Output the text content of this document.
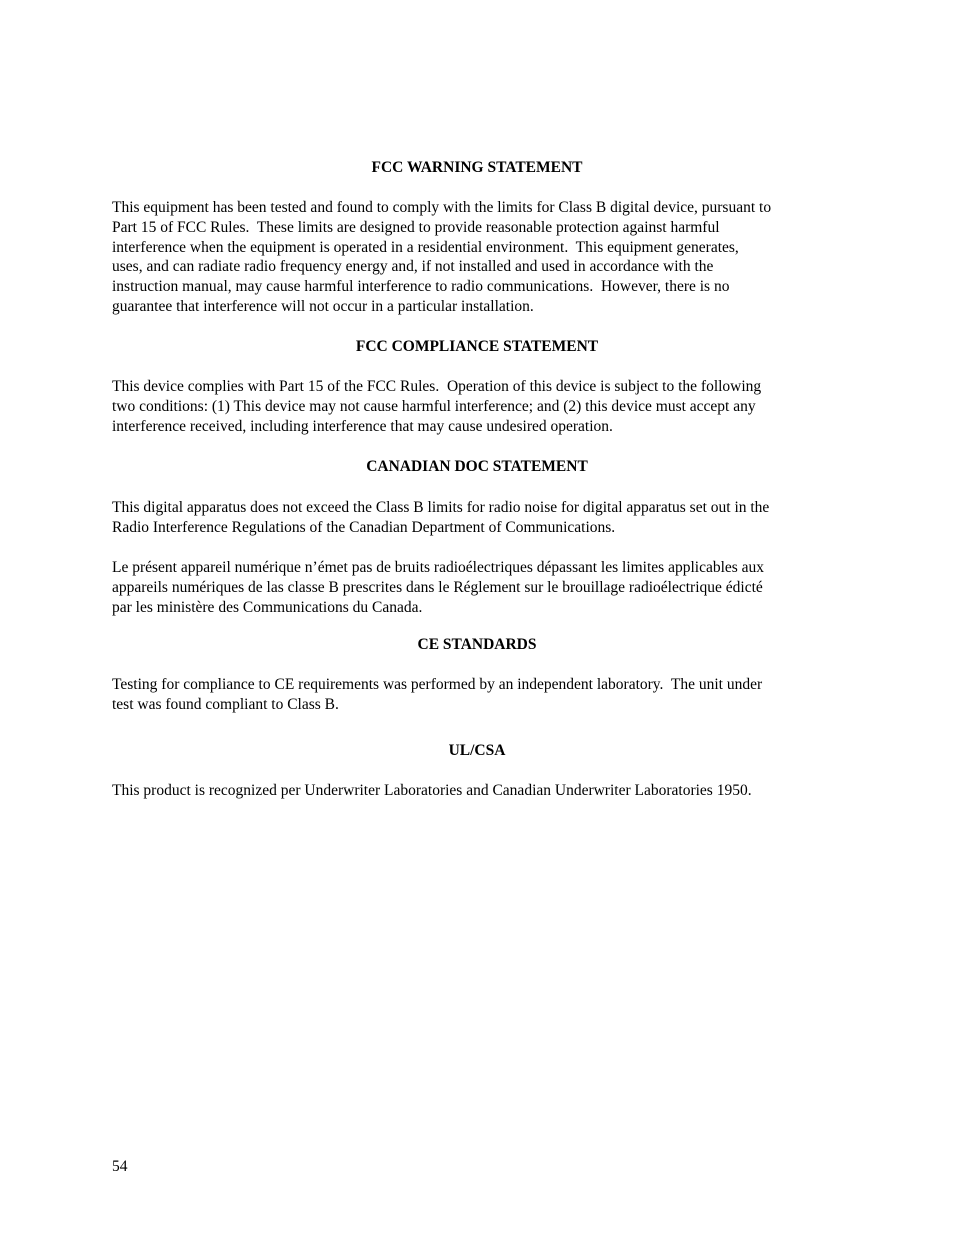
FCC WARNING STATEMENT
This equipment has been tested and found to comply with the limits for Class B digital device, pursuant to
Part 15 of FCC Rules.  These limits are designed to provide reasonable protection against harmful
interference when the equipment is operated in a residential environment.  This equipment generates,
uses, and can radiate radio frequency energy and, if not installed and used in accordance with the
instruction manual, may cause harmful interference to radio communications.  However, there is no
guarantee that interference will not occur in a particular installation.
FCC COMPLIANCE STATEMENT
This device complies with Part 15 of the FCC Rules.  Operation of this device is subject to the following
two conditions: (1) This device may not cause harmful interference; and (2) this device must accept any
interference received, including interference that may cause undesired operation.
CANADIAN DOC STATEMENT
This digital apparatus does not exceed the Class B limits for radio noise for digital apparatus set out in the
Radio Interference Regulations of the Canadian Department of Communications.
Le présent appareil numérique n’émet pas de bruits radioélectriques dépassant les limites applicables aux
appareils numériques de las classe B prescrites dans le Réglement sur le brouillage radioélectrique édicté
par les ministère des Communications du Canada.
CE STANDARDS
Testing for compliance to CE requirements was performed by an independent laboratory.  The unit under
test was found compliant to Class B.
UL/CSA
This product is recognized per Underwriter Laboratories and Canadian Underwriter Laboratories 1950.
54
